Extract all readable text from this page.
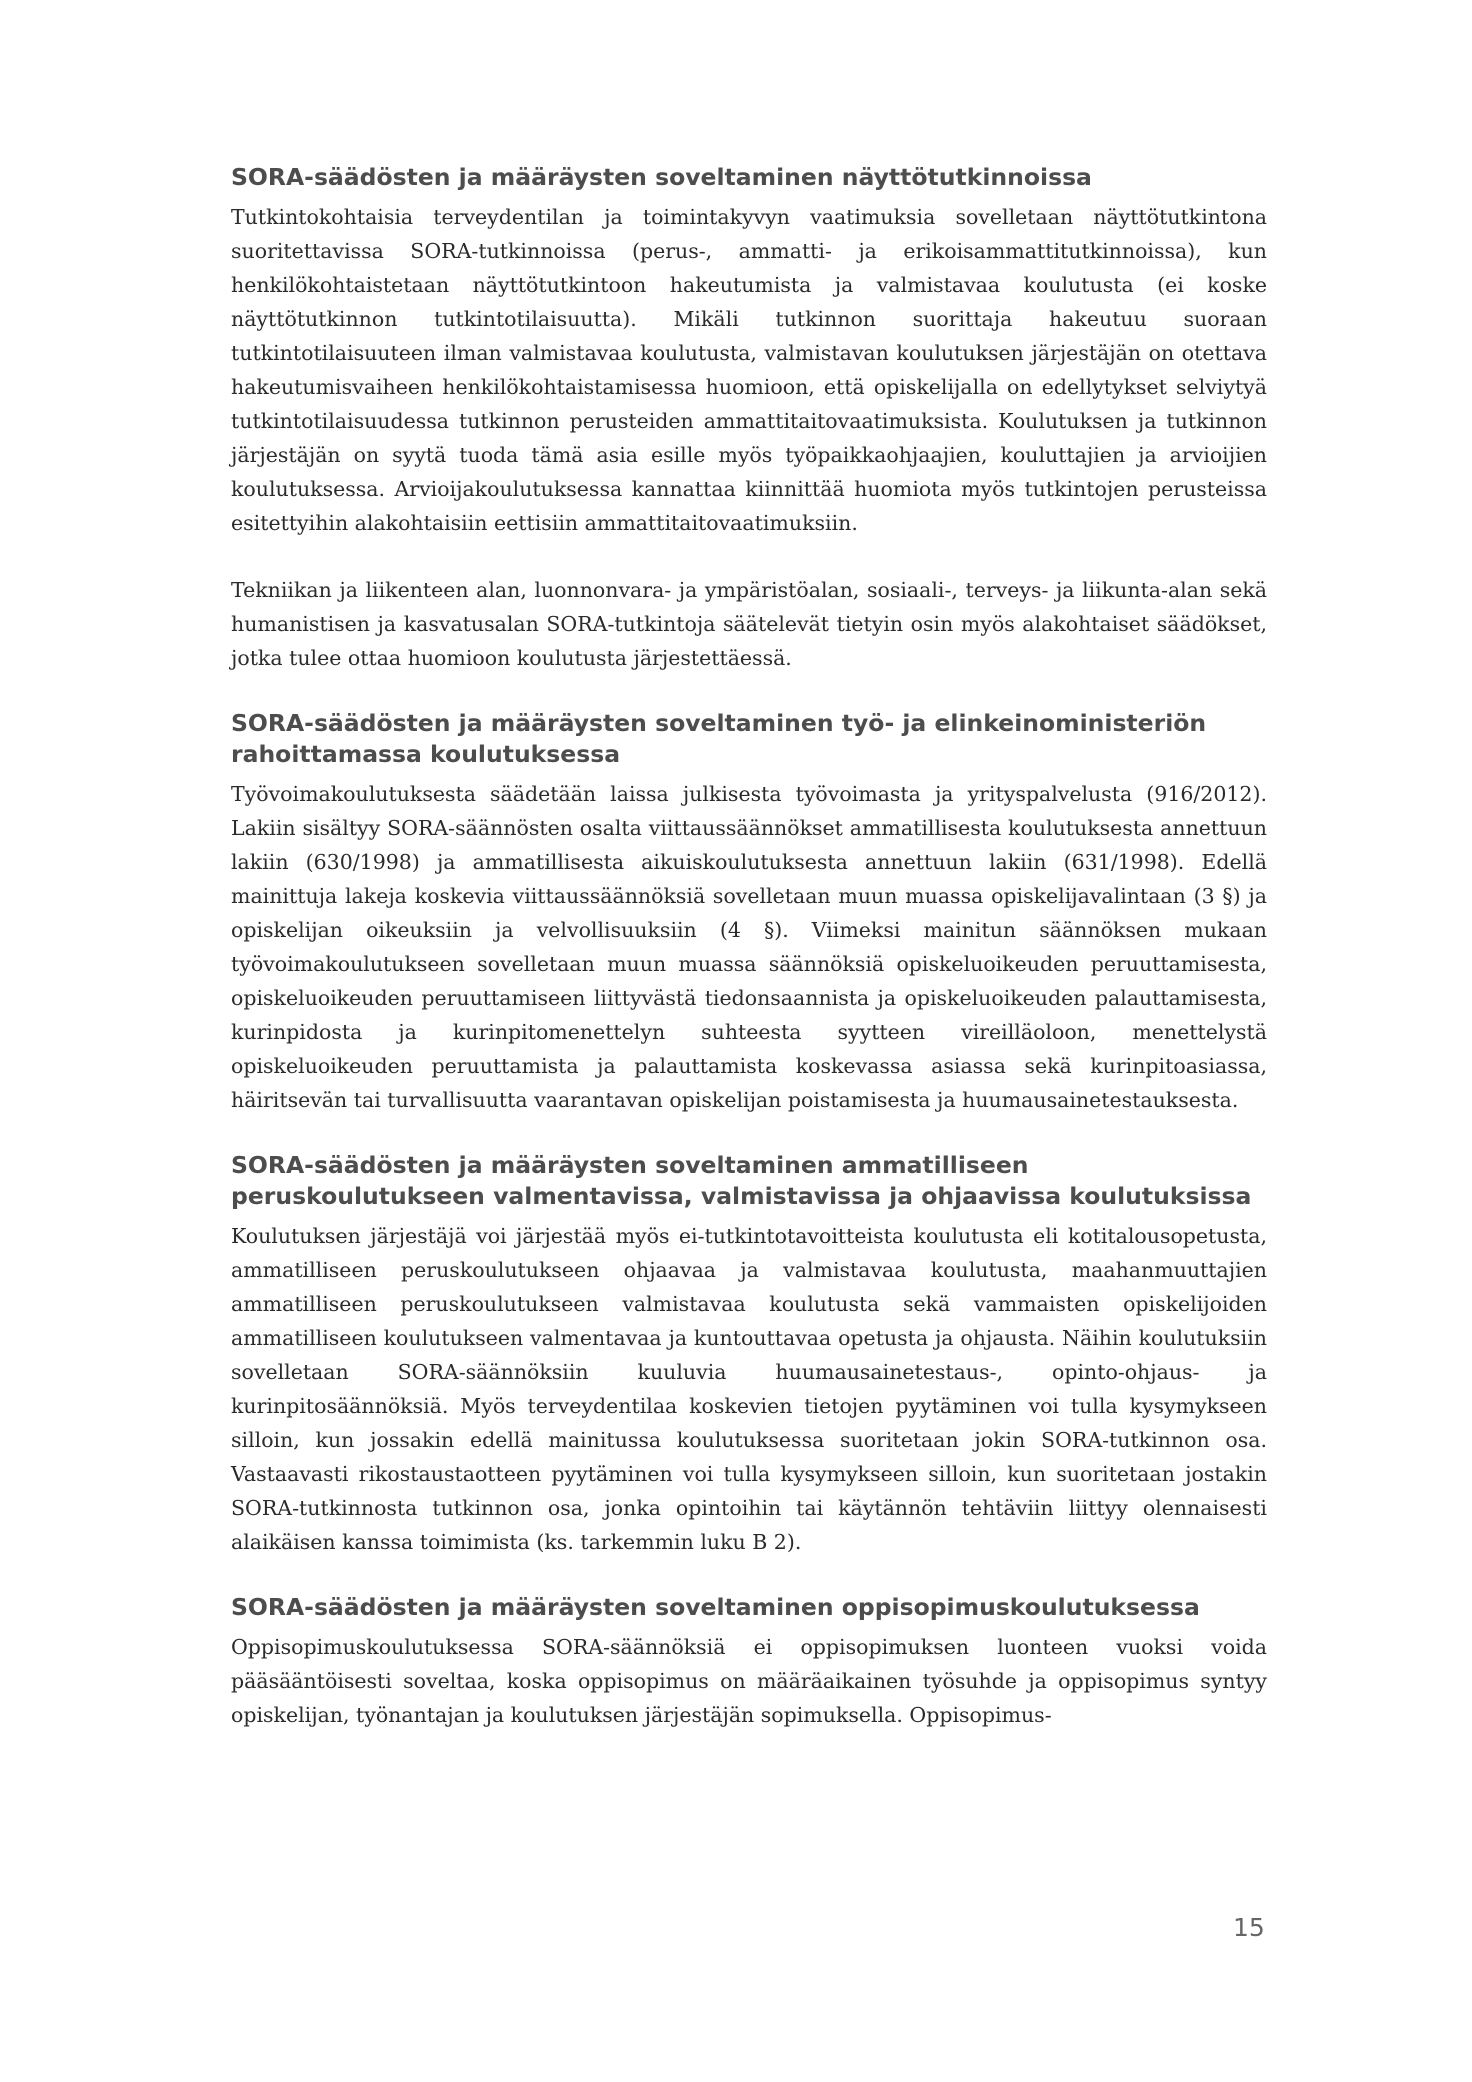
SORA-säädösten ja määräysten soveltaminen näyttötutkinnoissa

Tutkintokohtaisia terveydentilan ja toimintakyvyn vaatimuksia sovelletaan näyttötutkintona suoritettavissa SORA-tutkinnoissa (perus-, ammatti- ja erikoisammattitutkinnoissa), kun henkilökohtaistetaan näyttötutkintoon hakeutumista ja valmistavaa koulutusta (ei koske näyttötutkinnon tutkintotilaisuutta). Mikäli tutkinnon suorittaja hakeutuu suoraan tutkintotilaisuuteen ilman valmistavaa koulutusta, valmistavan koulutuksen järjestäjän on otettava hakeutumisvaiheen henkilökohtaistamisessa huomioon, että opiskelijalla on edellytykset selviytyä tutkintotilaisuudessa tutkinnon perusteiden ammattitaitovaatimuksista. Koulutuksen ja tutkinnon järjestäjän on syytä tuoda tämä asia esille myös työpaikkaohjaajien, kouluttajien ja arvioijien koulutuksessa. Arvioijakoulutuksessa kannattaa kiinnittää huomiota myös tutkintojen perusteissa esitettyihin alakohtaisiin eettisiin ammattitaitovaatimuksiin.

Tekniikan ja liikenteen alan, luonnonvara- ja ympäristöalan, sosiaali-, terveys- ja liikunta-alan sekä humanistisen ja kasvatusalan SORA-tutkintoja säätelevät tietyin osin myös alakohtaiset säädökset, jotka tulee ottaa huomioon koulutusta järjestettäessä.

SORA-säädösten ja määräysten soveltaminen työ- ja elinkeinoministeriön rahoittamassa koulutuksessa

Työvoimakoulutuksesta säädetään laissa julkisesta työvoimasta ja yrityspalvelusta (916/2012). Lakiin sisältyy SORA-säännösten osalta viittaussäännökset ammatillisesta koulutuksesta annettuun lakiin (630/1998) ja ammatillisesta aikuiskoulutuksesta annettuun lakiin (631/1998). Edellä mainittuja lakeja koskevia viittaussäännöksiä sovelletaan muun muassa opiskelijavalintaan (3 §) ja opiskelijan oikeuksiin ja velvollisuuksiin (4 §). Viimeksi mainitun säännöksen mukaan työvoimakoulutukseen sovelletaan muun muassa säännöksiä opiskeluoikeuden peruuttamisesta, opiskeluoikeuden peruuttamiseen liittyvästä tiedonsaannista ja opiskeluoikeuden palauttamisesta, kurinpidosta ja kurinpitomenettelyn suhteesta syytteen vireilläoloon, menettelystä opiskeluoikeuden peruuttamista ja palauttamista koskevassa asiassa sekä kurinpitoasiassa, häiritsevän tai turvallisuutta vaarantavan opiskelijan poistamisesta ja huumausainetestauksesta.

SORA-säädösten ja määräysten soveltaminen ammatilliseen peruskoulutukseen valmentavissa, valmistavissa ja ohjaavissa koulutuksissa

Koulutuksen järjestäjä voi järjestää myös ei-tutkintotavoitteista koulutusta eli kotitalousopetusta, ammatilliseen peruskoulutukseen ohjaavaa ja valmistavaa koulutusta, maahanmuuttajien ammatilliseen peruskoulutukseen valmistavaa koulutusta sekä vammaisten opiskelijoiden ammatilliseen koulutukseen valmentavaa ja kuntouttavaa opetusta ja ohjausta. Näihin koulutuksiin sovelletaan SORA-säännöksiin kuuluvia huumausainetestaus-, opinto-ohjaus- ja kurinpitosäännöksiä. Myös terveydentilaa koskevien tietojen pyytäminen voi tulla kysymykseen silloin, kun jossakin edellä mainitussa koulutuksessa suoritetaan jokin SORA-tutkinnon osa. Vastaavasti rikostaustaotteen pyytäminen voi tulla kysymykseen silloin, kun suoritetaan jostakin SORA-tutkinnosta tutkinnon osa, jonka opintoihin tai käytännön tehtäviin liittyy olennaisesti alaikäisen kanssa toimimista (ks. tarkemmin luku B 2).

SORA-säädösten ja määräysten soveltaminen oppisopimuskoulutuksessa

Oppisopimuskoulutuksessa SORA-säännöksiä ei oppisopimuksen luonteen vuoksi voida pääsääntöisesti soveltaa, koska oppisopimus on määräaikainen työsuhde ja oppisopimus syntyy opiskelijan, työnantajan ja koulutuksen järjestäjän sopimuksella. Oppisopimus-

15
